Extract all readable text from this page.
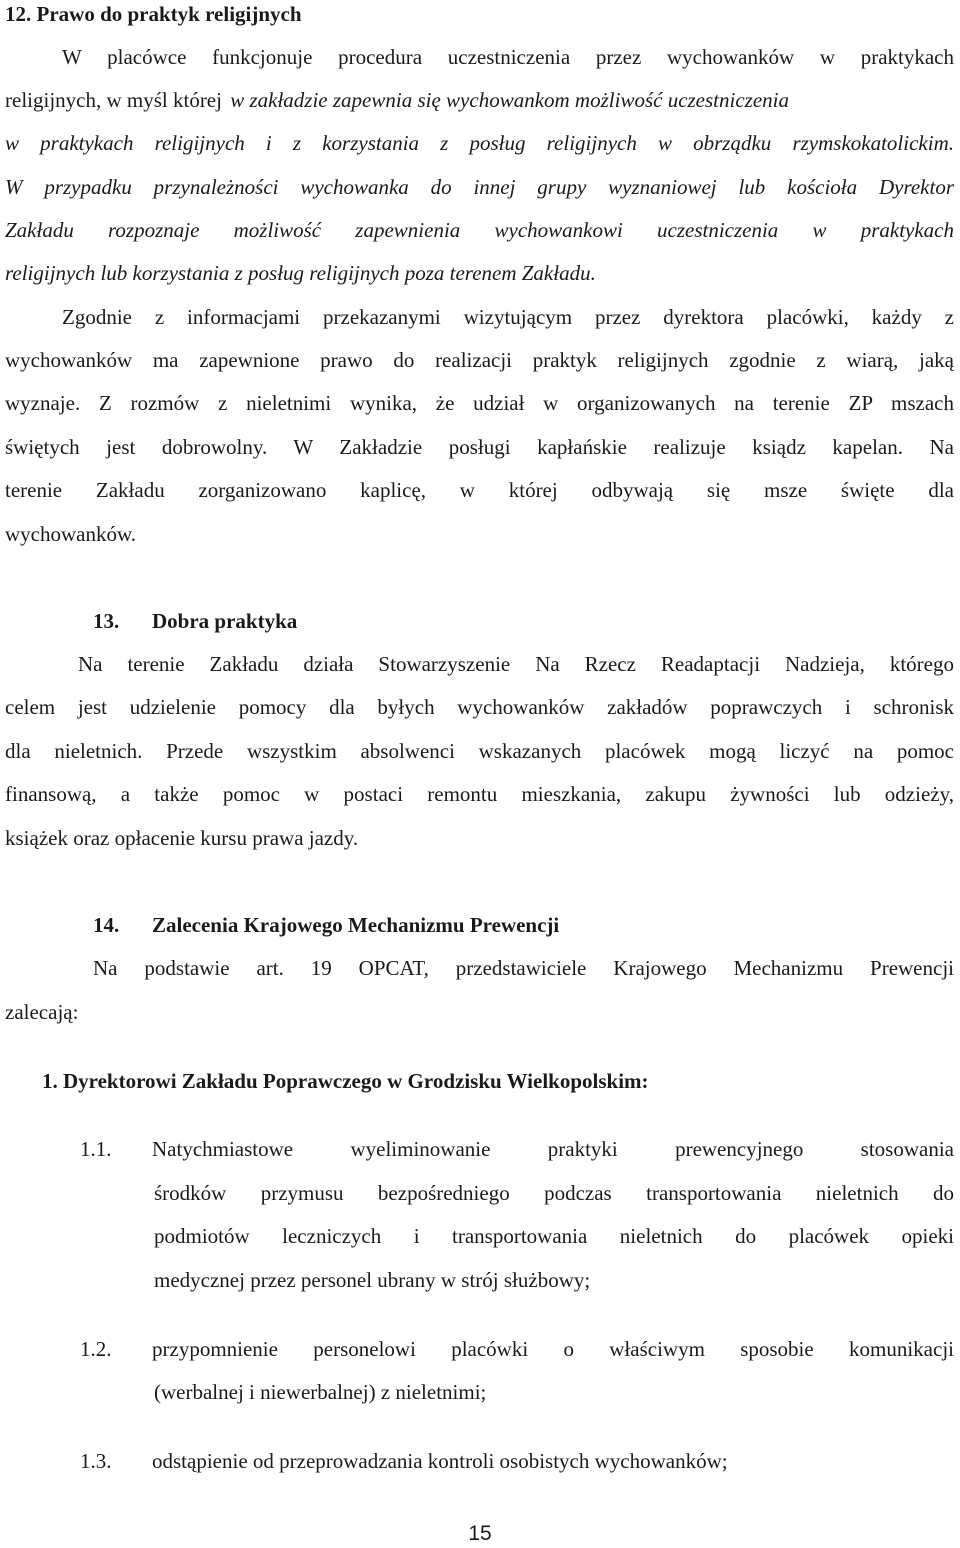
12. Prawo do praktyk religijnych
W placówce funkcjonuje procedura uczestniczenia przez wychowanków w praktykach
religijnych, w myśl której w zakładzie zapewnia się wychowankom możliwość uczestniczenia
w praktykach religijnych i z korzystania z posług religijnych w obrządku rzymskokatolickim.
W przypadku przynależności wychowanka do innej grupy wyznaniowej lub kościoła Dyrektor
Zakładu rozpoznaje możliwość zapewnienia wychowankowi uczestniczenia w praktykach
religijnych lub korzystania z posług religijnych poza terenem Zakładu.
Zgodnie z informacjami przekazanymi wizytującym przez dyrektora placówki, każdy z
wychowanków ma zapewnione prawo do realizacji praktyk religijnych zgodnie z wiarą, jaką
wyznaje. Z rozmów z nieletnimi wynika, że udział w organizowanych na terenie ZP mszach
świętych jest dobrowolny. W Zakładzie posługi kapłańskie realizuje ksiądz kapelan. Na
terenie Zakładu zorganizowano kaplicę, w której odbywają się msze święte dla
wychowanków.
13. Dobra praktyka
Na terenie Zakładu działa Stowarzyszenie Na Rzecz Readaptacji Nadzieja, którego
celem jest udzielenie pomocy dla byłych wychowanków zakładów poprawczych i schronisk
dla nieletnich. Przede wszystkim absolwenci wskazanych placówek mogą liczyć na pomoc
finansową, a także pomoc w postaci remontu mieszkania, zakupu żywności lub odzieży,
książek oraz opłacenie kursu prawa jazdy.
14. Zalecenia Krajowego Mechanizmu Prewencji
Na podstawie art. 19 OPCAT, przedstawiciele Krajowego Mechanizmu Prewencji
zalecają:
1. Dyrektorowi Zakładu Poprawczego w Grodzisku Wielkopolskim:
1.1. Natychmiastowe wyeliminowanie praktyki prewencyjnego stosowania
środków przymusu bezpośredniego podczas transportowania nieletnich do
podmiotów leczniczych i transportowania nieletnich do placówek opieki
medycznej przez personel ubrany w strój służbowy;
1.2. przypomnienie personelowi placówki o właściwym sposobie komunikacji
(werbalnej i niewerbalnej) z nieletnimi;
1.3. odstąpienie od przeprowadzania kontroli osobistych wychowanków;
15
